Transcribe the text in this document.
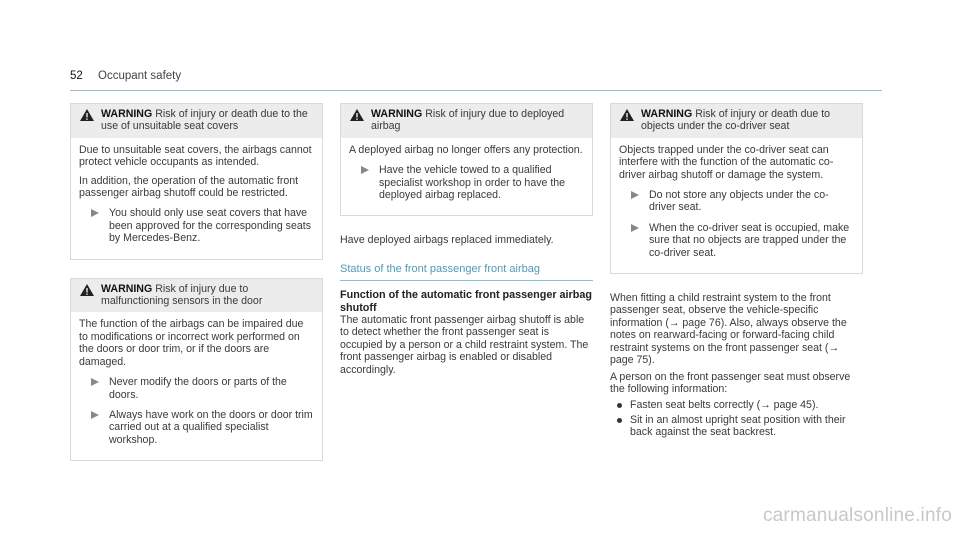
52 Occupant safety
WARNING Risk of injury or death due to the use of unsuitable seat covers

Due to unsuitable seat covers, the airbags cannot protect vehicle occupants as intended.

In addition, the operation of the automatic front passenger airbag shutoff could be restricted.

You should only use seat covers that have been approved for the corresponding seats by Mercedes-Benz.
WARNING Risk of injury due to malfunctioning sensors in the door

The function of the airbags can be impaired due to modifications or incorrect work performed on the doors or door trim, or if the doors are damaged.

Never modify the doors or parts of the doors.
Always have work on the doors or door trim carried out at a qualified specialist workshop.
WARNING Risk of injury due to deployed airbag

A deployed airbag no longer offers any protection.

Have the vehicle towed to a qualified specialist workshop in order to have the deployed airbag replaced.

Have deployed airbags replaced immediately.

Status of the front passenger front airbag
Function of the automatic front passenger airbag shutoff

The automatic front passenger airbag shutoff is able to detect whether the front passenger seat is occupied by a person or a child restraint system. The front passenger airbag is enabled or disabled accordingly.

WARNING Risk of injury or death due to objects under the co-driver seat

Objects trapped under the co-driver seat can interfere with the function of the automatic co-driver airbag shutoff or damage the system.

Do not store any objects under the co-driver seat.
When the co-driver seat is occupied, make sure that no objects are trapped under the co-driver seat.

When fitting a child restraint system to the front passenger seat, observe the vehicle-specific information (→ page 76). Also, always observe the notes on rearward-facing or forward-facing child restraint systems on the front passenger seat (→ page 75).

A person on the front passenger seat must observe the following information:

Fasten seat belts correctly (→ page 45).
Sit in an almost upright seat position with their back against the seat backrest.
carmanualsonline.info
